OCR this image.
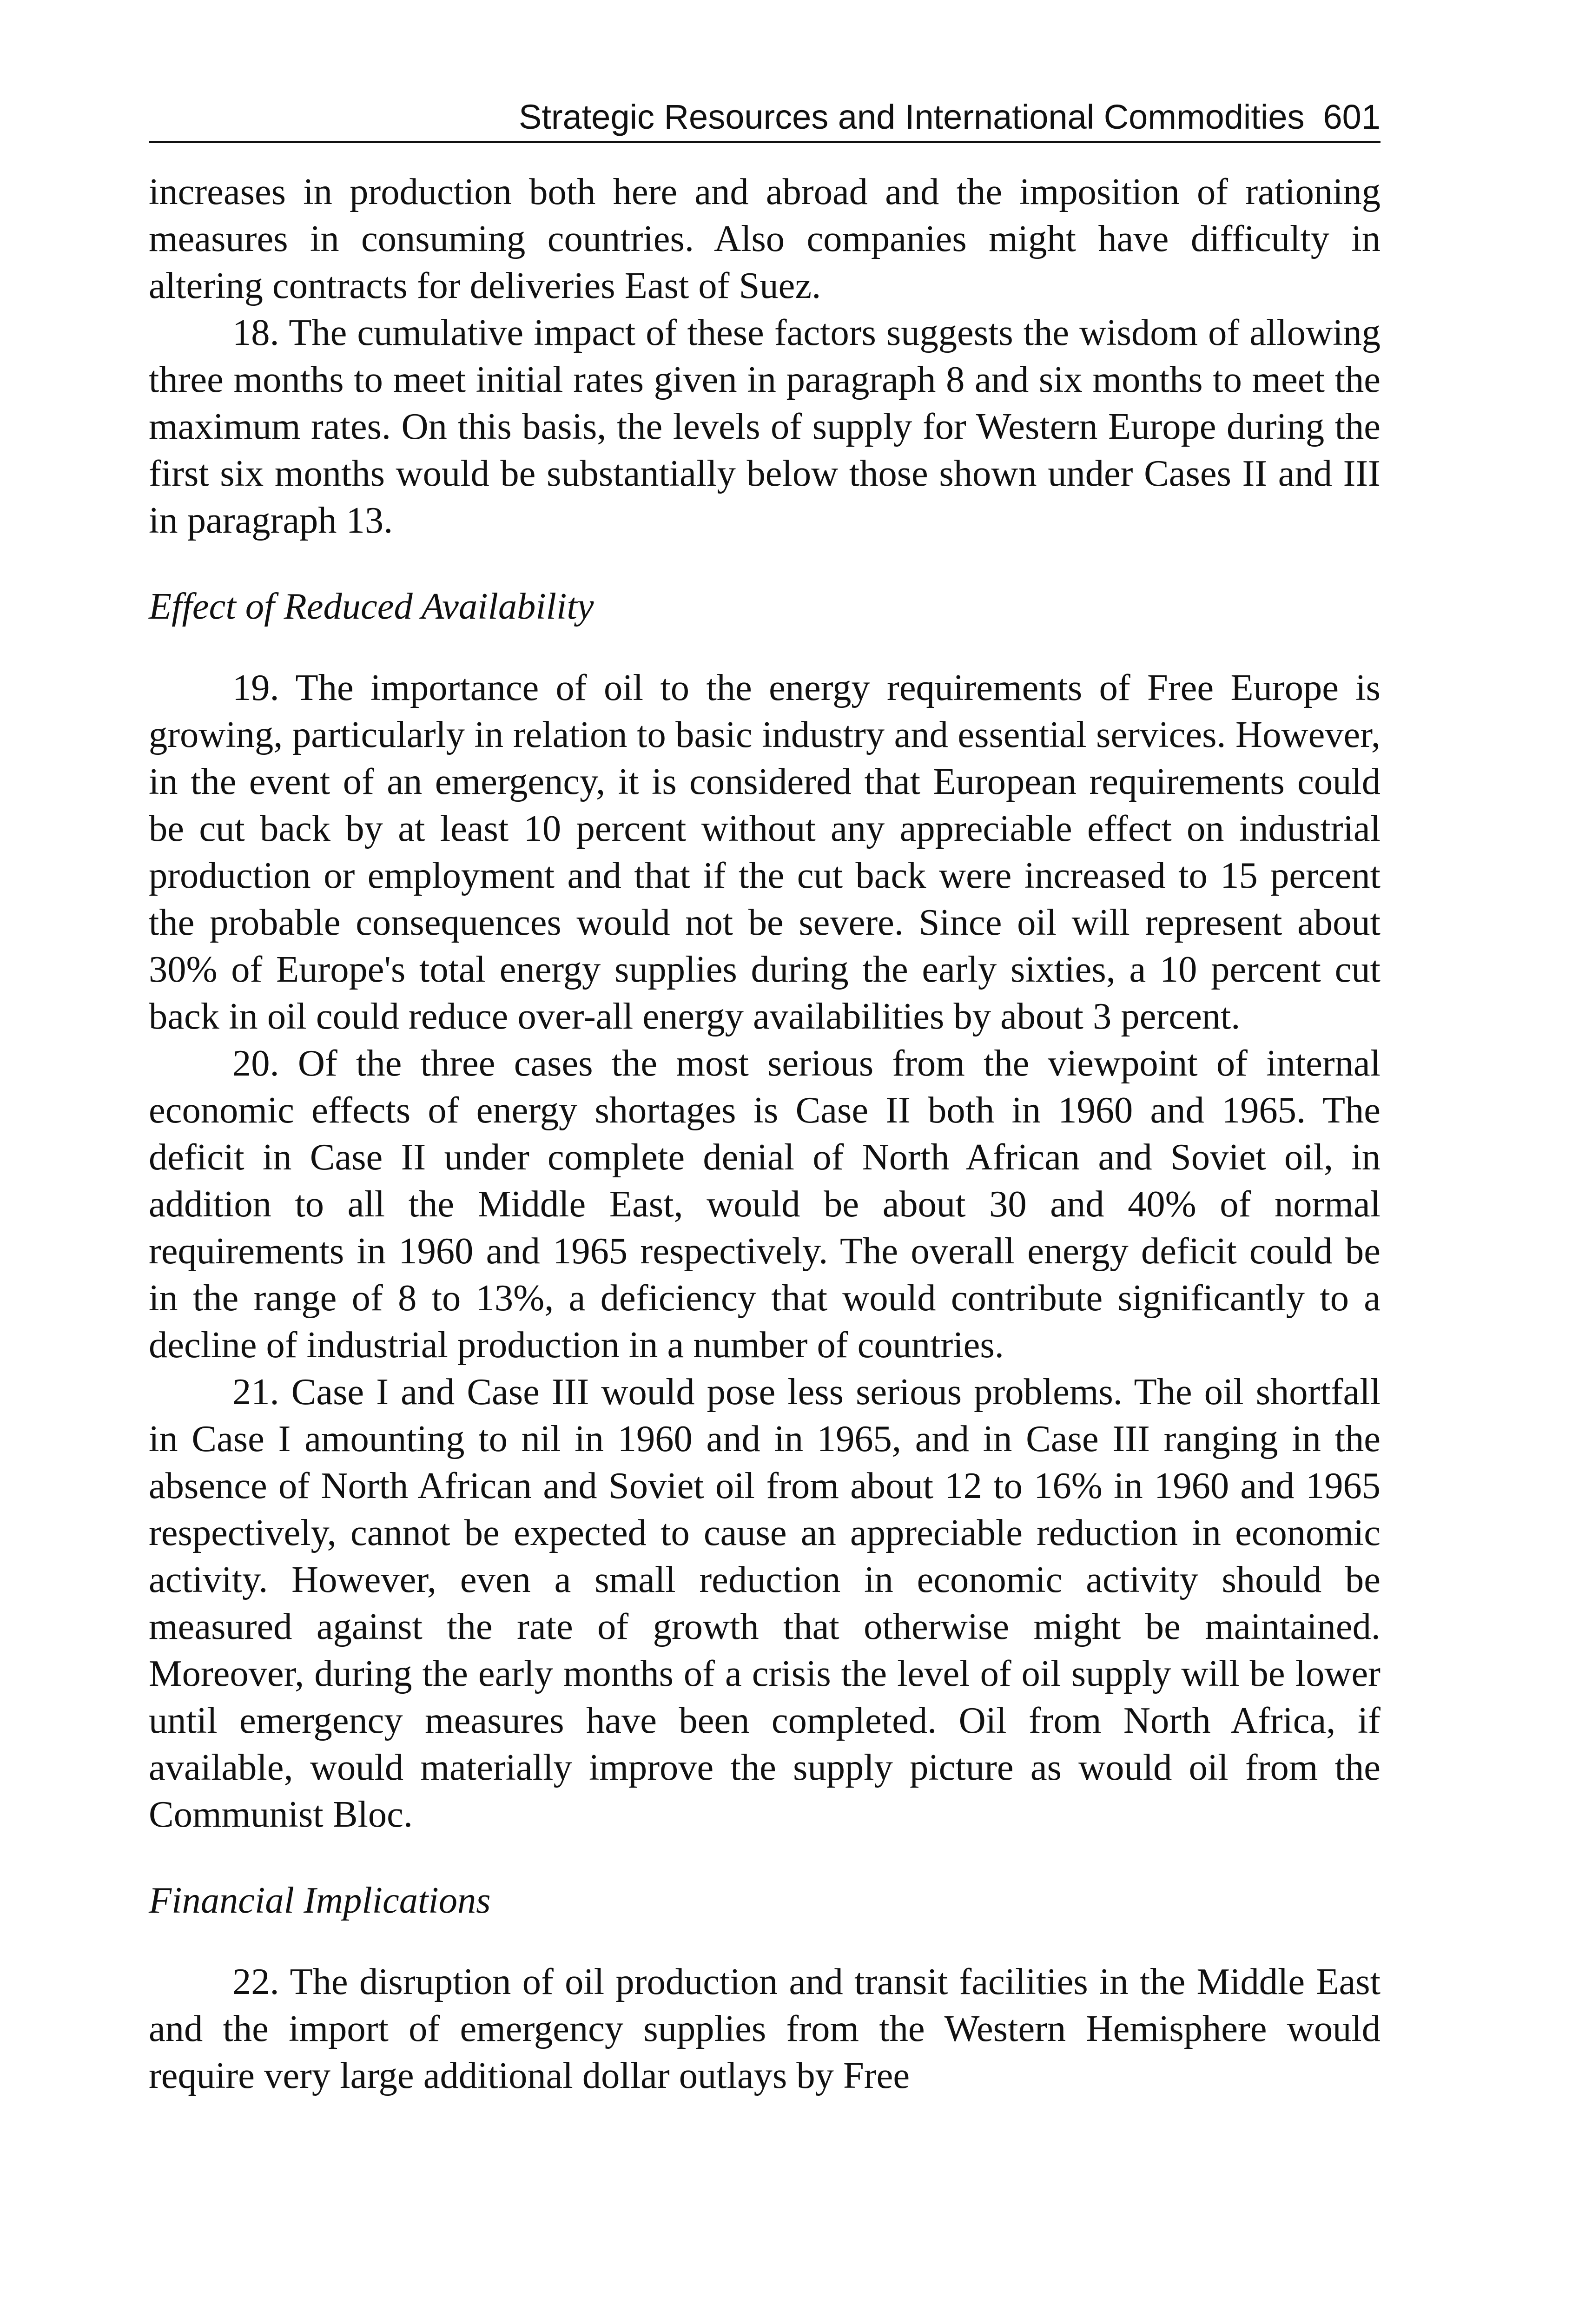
Strategic Resources and International Commodities 601

increases in production both here and abroad and the imposition of rationing measures in consuming countries. Also companies might have difficulty in altering contracts for deliveries East of Suez.

18. The cumulative impact of these factors suggests the wisdom of allowing three months to meet initial rates given in paragraph 8 and six months to meet the maximum rates. On this basis, the levels of supply for Western Europe during the first six months would be substantially below those shown under Cases II and III in paragraph 13.

Effect of Reduced Availability

19. The importance of oil to the energy requirements of Free Europe is growing, particularly in relation to basic industry and essential services. However, in the event of an emergency, it is considered that European requirements could be cut back by at least 10 percent without any appreciable effect on industrial production or employment and that if the cut back were increased to 15 percent the probable consequences would not be severe. Since oil will represent about 30% of Europe's total energy supplies during the early sixties, a 10 percent cut back in oil could reduce over-all energy availabilities by about 3 percent.

20. Of the three cases the most serious from the viewpoint of internal economic effects of energy shortages is Case II both in 1960 and 1965. The deficit in Case II under complete denial of North African and Soviet oil, in addition to all the Middle East, would be about 30 and 40% of normal requirements in 1960 and 1965 respectively. The overall energy deficit could be in the range of 8 to 13%, a deficiency that would contribute significantly to a decline of industrial production in a number of countries.

21. Case I and Case III would pose less serious problems. The oil shortfall in Case I amounting to nil in 1960 and in 1965, and in Case III ranging in the absence of North African and Soviet oil from about 12 to 16% in 1960 and 1965 respectively, cannot be expected to cause an appreciable reduction in economic activity. However, even a small reduction in economic activity should be measured against the rate of growth that otherwise might be maintained. Moreover, during the early months of a crisis the level of oil supply will be lower until emergency measures have been completed. Oil from North Africa, if available, would materially improve the supply picture as would oil from the Communist Bloc.

Financial Implications

22. The disruption of oil production and transit facilities in the Middle East and the import of emergency supplies from the Western Hemisphere would require very large additional dollar outlays by Free
